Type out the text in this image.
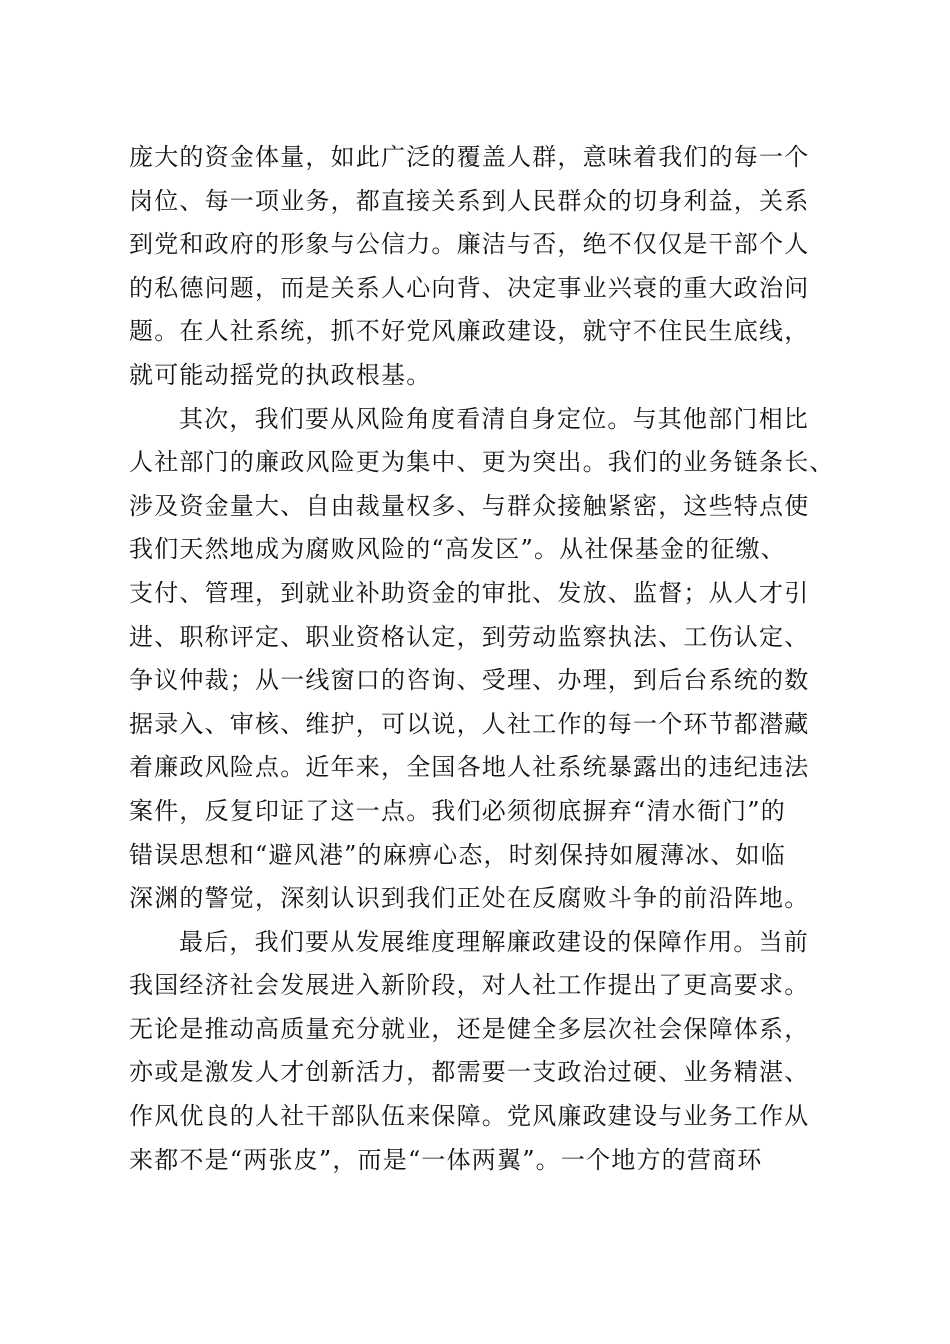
庞大的资金体量，如此广泛的覆盖人群，意味着我们的每一个
岗位、每一项业务，都直接关系到人民群众的切身利益，关系
到党和政府的形象与公信力。廉洁与否，绝不仅仅是干部个人
的私德问题，而是关系人心向背、决定事业兴衰的重大政治问
题。在人社系统，抓不好党风廉政建设，就守不住民生底线，
就可能动摇党的执政根基。
其次，我们要从风险角度看清自身定位。与其他部门相比
人社部门的廉政风险更为集中、更为突出。我们的业务链条长、
涉及资金量大、自由裁量权多、与群众接触紧密，这些特点使
我们天然地成为腐败风险的“高发区”。从社保基金的征缴、
支付、管理，到就业补助资金的审批、发放、监督；从人才引
进、职称评定、职业资格认定，到劳动监察执法、工伤认定、
争议仲裁；从一线窗口的咨询、受理、办理，到后台系统的数
据录入、审核、维护，可以说，人社工作的每一个环节都潜藏
着廉政风险点。近年来，全国各地人社系统暴露出的违纪违法
案件，反复印证了这一点。我们必须彻底摒弃“清水衙门”的
错误思想和“避风港”的麻痹心态，时刻保持如履薄冰、如临
深渊的警觉，深刻认识到我们正处在反腐败斗争的前沿阵地。
最后，我们要从发展维度理解廉政建设的保障作用。当前
我国经济社会发展进入新阶段，对人社工作提出了更高要求。
无论是推动高质量充分就业，还是健全多层次社会保障体系，
亦或是激发人才创新活力，都需要一支政治过硬、业务精湛、
作风优良的人社干部队伍来保障。党风廉政建设与业务工作从
来都不是“两张皮”，而是“一体两翼”。一个地方的营商环
